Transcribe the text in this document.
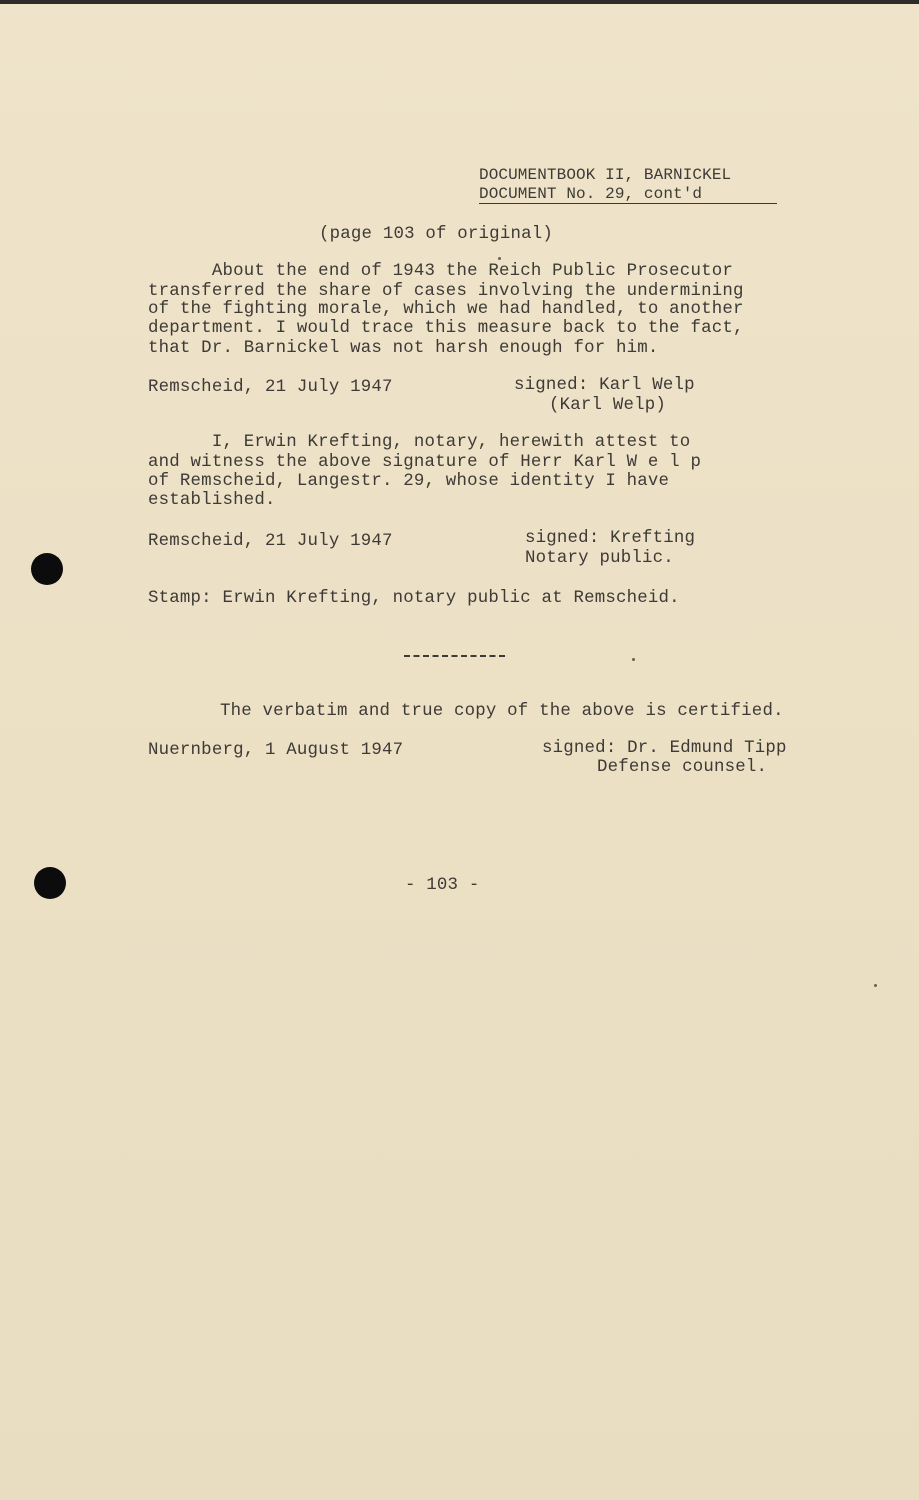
DOCUMENTBOOK II, BARNICKEL
DOCUMENT No. 29, cont'd
(page 103 of original)
About the end of 1943 the Reich Public Prosecutor
transferred the share of cases involving the undermining
of the fighting morale, which we had handled, to another
department. I would trace this measure back to the fact,
that Dr. Barnickel was not harsh enough for him.
Remscheid, 21 July 1947	signed: Karl Welp
(Karl Welp)
I, Erwin Krefting, notary, herewith attest to
and witness the above signature of Herr Karl W e l p
of Remscheid, Langestr. 29, whose identity I have
established.
Remscheid, 21 July 1947	signed: Krefting
Notary public.
Stamp: Erwin Krefting, notary public at Remscheid.
The verbatim and true copy of the above is certified.
Nuernberg, 1 August 1947	signed: Dr. Edmund Tipp
Defense counsel.
- 103 -
